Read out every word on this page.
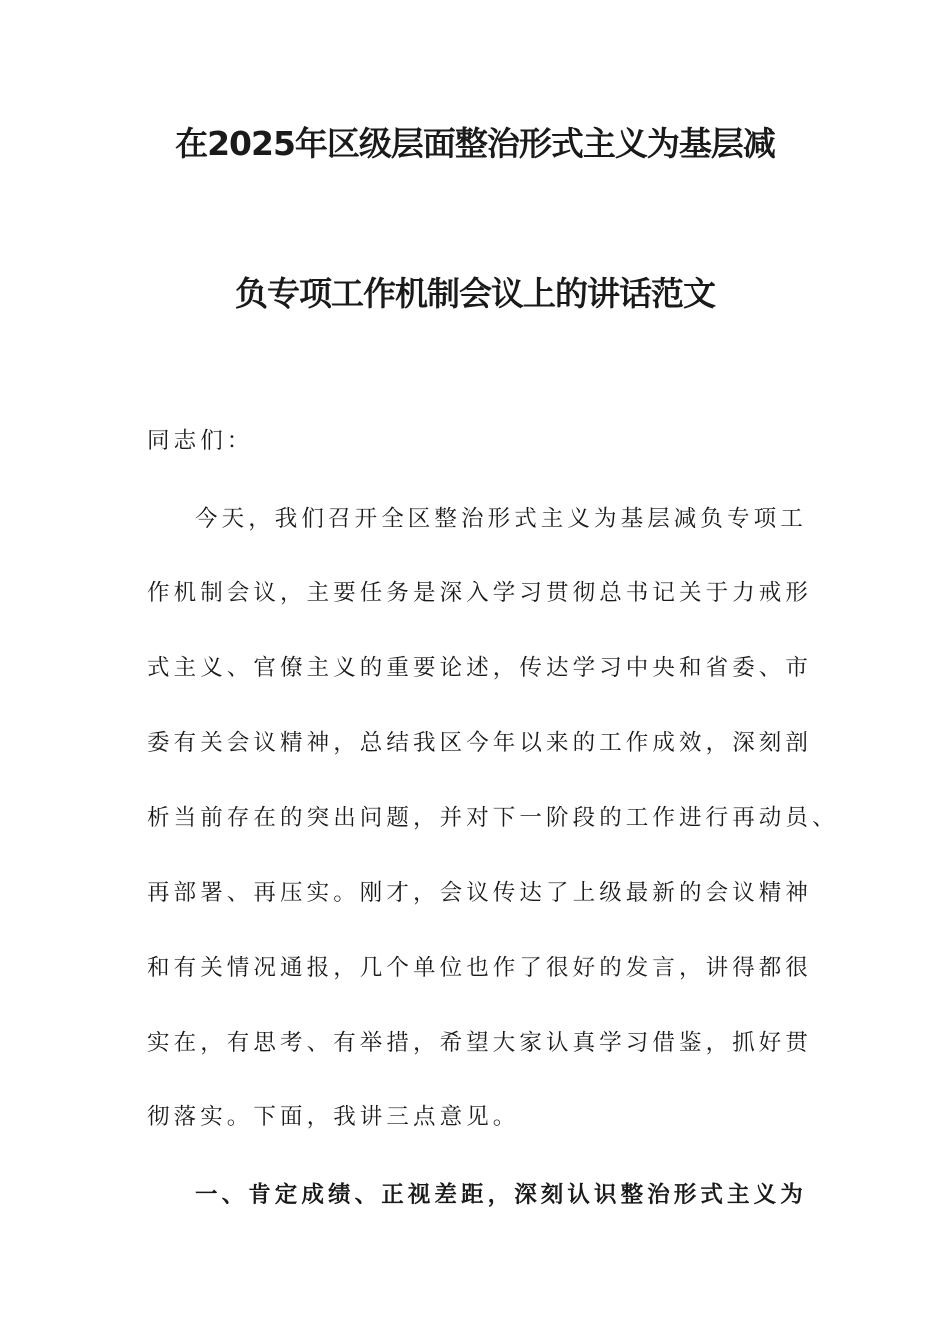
在2025年区级层面整治形式主义为基层减
负专项工作机制会议上的讲话范文
同志们：
今天，我们召开全区整治形式主义为基层减负专项工
作机制会议，主要任务是深入学习贯彻总书记关于力戒形
式主义、官僚主义的重要论述，传达学习中央和省委、市
委有关会议精神，总结我区今年以来的工作成效，深刻剖
析当前存在的突出问题，并对下一阶段的工作进行再动员、
再部署、再压实。刚才，会议传达了上级最新的会议精神
和有关情况通报，几个单位也作了很好的发言，讲得都很
实在，有思考、有举措，希望大家认真学习借鉴，抓好贯
彻落实。下面，我讲三点意见。
一、肯定成绩、正视差距，深刻认识整治形式主义为
